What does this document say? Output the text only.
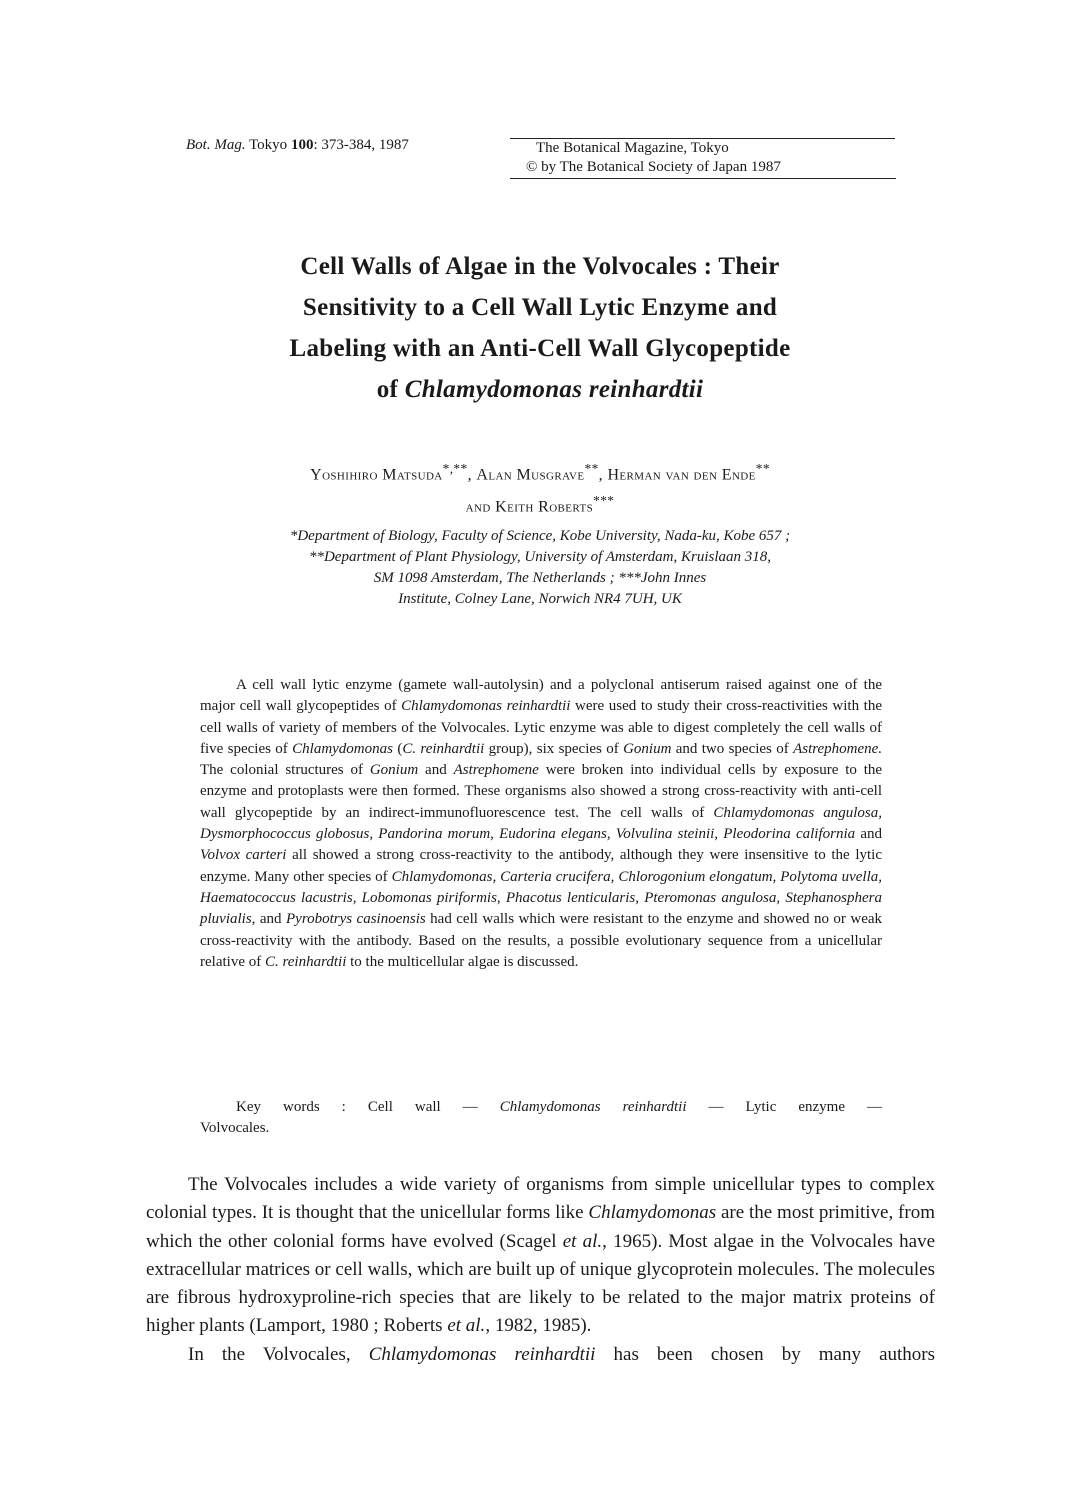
Bot. Mag. Tokyo 100: 373-384, 1987	The Botanical Magazine, Tokyo
© by The Botanical Society of Japan 1987
Cell Walls of Algae in the Volvocales : Their
Sensitivity to a Cell Wall Lytic Enzyme and
Labeling with an Anti-Cell Wall Glycopeptide
of Chlamydomonas reinhardtii
Yoshihiro Matsuda*,**, Alan Musgrave**, Herman van den Ende**
and Keith Roberts***
*Department of Biology, Faculty of Science, Kobe University, Nada-ku, Kobe 657 ;
**Department of Plant Physiology, University of Amsterdam, Kruislaan 318,
SM 1098 Amsterdam, The Netherlands ; ***John Innes
Institute, Colney Lane, Norwich NR4 7UH, UK
A cell wall lytic enzyme (gamete wall-autolysin) and a polyclonal antiserum raised against one of the major cell wall glycopeptides of Chlamydomonas reinhardtii were used to study their cross-reactivities with the cell walls of variety of members of the Volvocales. Lytic enzyme was able to digest completely the cell walls of five species of Chlamydomonas (C. reinhardtii group), six species of Gonium and two species of Astrephomene. The colonial structures of Gonium and Astrephomene were broken into individual cells by exposure to the enzyme and protoplasts were then formed. These organisms also showed a strong cross-reactivity with anti-cell wall glycopeptide by an indirect-immunofluorescence test. The cell walls of Chlamydomonas angulosa, Dysmorphococcus globosus, Pandorina morum, Eudorina elegans, Volvulina steinii, Pleodorina california and Volvox carteri all showed a strong cross-reactivity to the antibody, although they were insensitive to the lytic enzyme. Many other species of Chlamydomonas, Carteria crucifera, Chlorogonium elongatum, Polytoma uvella, Haematococcus lacustris, Lobomonas piriformis, Phacotus lenticularis, Pteromonas angulosa, Stephanosphera pluvialis, and Pyrobotrys casinoensis had cell walls which were resistant to the enzyme and showed no or weak cross-reactivity with the antibody. Based on the results, a possible evolutionary sequence from a unicellular relative of C. reinhardtii to the multicellular algae is discussed.
Key words : Cell wall — Chlamydomonas reinhardtii — Lytic enzyme — Volvocales.

The Volvocales includes a wide variety of organisms from simple unicellular types to complex colonial types. It is thought that the unicellular forms like Chlamydomonas are the most primitive, from which the other colonial forms have evolved (Scagel et al., 1965). Most algae in the Volvocales have extracellular matrices or cell walls, which are built up of unique glycoprotein molecules. The molecules are fibrous hydroxyproline-rich species that are likely to be related to the major matrix proteins of higher plants (Lamport, 1980 ; Roberts et al., 1982, 1985).

In the Volvocales, Chlamydomonas reinhardtii has been chosen by many authors
